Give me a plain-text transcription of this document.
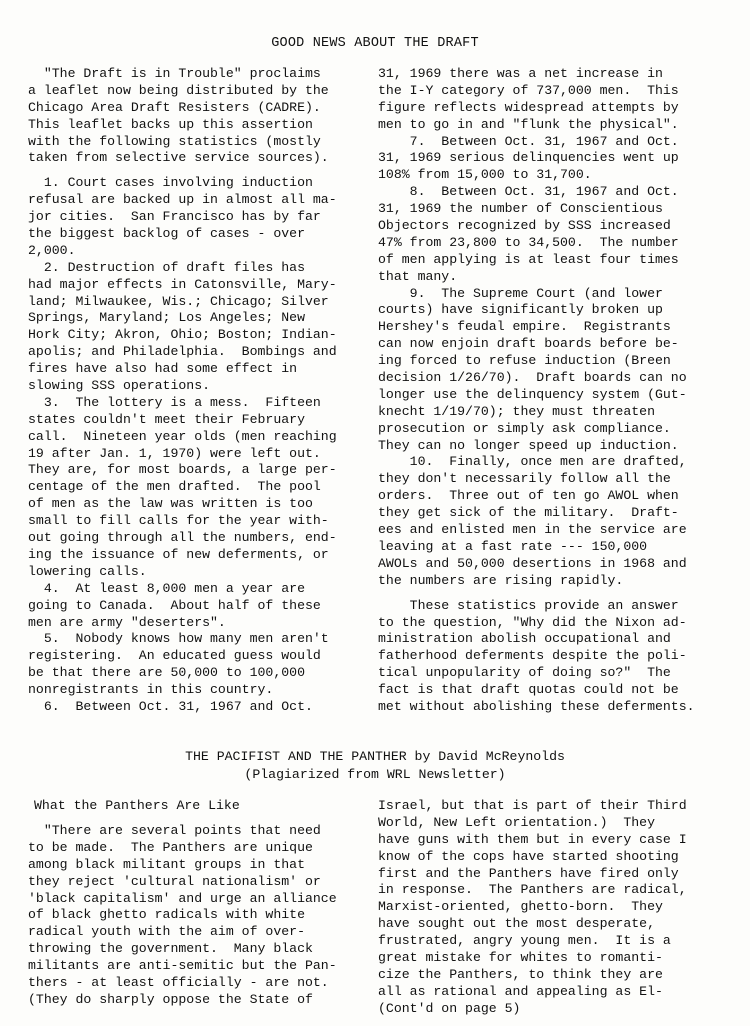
GOOD NEWS ABOUT THE DRAFT
"The Draft is in Trouble" proclaims
a leaflet now being distributed by the
Chicago Area Draft Resisters (CADRE).
This leaflet backs up this assertion
with the following statistics (mostly
taken from selective service sources).
1. Court cases involving induction
refusal are backed up in almost all ma-
jor cities.  San Francisco has by far
the biggest backlog of cases - over
2,000.
2. Destruction of draft files has
had major effects in Catonsville, Mary-
land; Milwaukee, Wis.; Chicago; Silver
Springs, Maryland; Los Angeles; New
Hork City; Akron, Ohio; Boston; Indian-
apolis; and Philadelphia.  Bombings and
fires have also had some effect in
slowing SSS operations.
3.  The lottery is a mess.  Fifteen
states couldn't meet their February
call.  Nineteen year olds (men reaching
19 after Jan. 1, 1970) were left out.
They are, for most boards, a large per-
centage of the men drafted.  The pool
of men as the law was written is too
small to fill calls for the year with-
out going through all the numbers, end-
ing the issuance of new deferments, or
lowering calls.
4.  At least 8,000 men a year are
going to Canada.  About half of these
men are army "deserters".
5.  Nobody knows how many men aren't
registering.  An educated guess would
be that there are 50,000 to 100,000
nonregistrants in this country.
6.  Between Oct. 31, 1967 and Oct.
31, 1969 there was a net increase in
the I-Y category of 737,000 men.  This
figure reflects widespread attempts by
men to go in and "flunk the physical".
7.  Between Oct. 31, 1967 and Oct.
31, 1969 serious delinquencies went up
108% from 15,000 to 31,700.
8.  Between Oct. 31, 1967 and Oct.
31, 1969 the number of Conscientious
Objectors recognized by SSS increased
47% from 23,800 to 34,500.  The number
of men applying is at least four times
that many.
9.  The Supreme Court (and lower
courts) have significantly broken up
Hershey's feudal empire.  Registrants
can now enjoin draft boards before be-
ing forced to refuse induction (Breen
decision 1/26/70).  Draft boards can no
longer use the delinquency system (Gut-
knecht 1/19/70); they must threaten
prosecution or simply ask compliance.
They can no longer speed up induction.
10.  Finally, once men are drafted,
they don't necessarily follow all the
orders.  Three out of ten go AWOL when
they get sick of the military.  Draft-
ees and enlisted men in the service are
leaving at a fast rate --- 150,000
AWOLs and 50,000 desertions in 1968 and
the numbers are rising rapidly.
These statistics provide an answer
to the question, "Why did the Nixon ad-
ministration abolish occupational and
fatherhood deferments despite the poli-
tical unpopularity of doing so?"  The
fact is that draft quotas could not be
met without abolishing these deferments.
THE PACIFIST AND THE PANTHER by David McReynolds
(Plagiarized from WRL Newsletter)
What the Panthers Are Like
"There are several points that need
to be made.  The Panthers are unique
among black militant groups in that
they reject 'cultural nationalism' or
'black capitalism' and urge an alliance
of black ghetto radicals with white
radical youth with the aim of over-
throwing the government.  Many black
militants are anti-semitic but the Pan-
thers - at least officially - are not.
(They do sharply oppose the State of
Israel, but that is part of their Third
World, New Left orientation.)  They
have guns with them but in every case I
know of the cops have started shooting
first and the Panthers have fired only
in response.  The Panthers are radical,
Marxist-oriented, ghetto-born.  They
have sought out the most desperate,
frustrated, angry young men.  It is a
great mistake for whites to romanti-
cize the Panthers, to think they are
all as rational and appealing as El-
(Cont'd on page 5)
